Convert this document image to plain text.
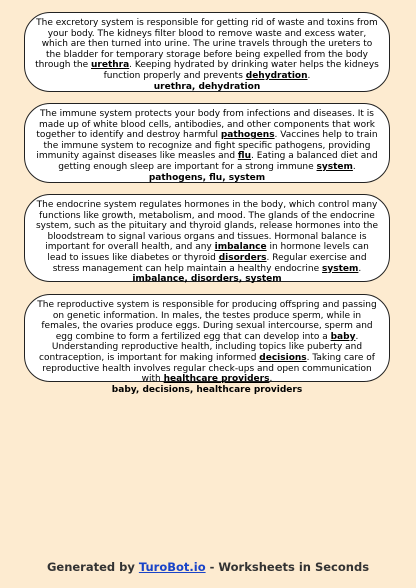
The excretory system is responsible for getting rid of waste and toxins from your body. The kidneys filter blood to remove waste and excess water, which are then turned into urine. The urine travels through the ureters to the bladder for temporary storage before being expelled from the body through the urethra. Keeping hydrated by drinking water helps the kidneys function properly and prevents dehydration.
urethra, dehydration
The immune system protects your body from infections and diseases. It is made up of white blood cells, antibodies, and other components that work together to identify and destroy harmful pathogens. Vaccines help to train the immune system to recognize and fight specific pathogens, providing immunity against diseases like measles and flu. Eating a balanced diet and getting enough sleep are important for a strong immune system.
pathogens, flu, system
The endocrine system regulates hormones in the body, which control many functions like growth, metabolism, and mood. The glands of the endocrine system, such as the pituitary and thyroid glands, release hormones into the bloodstream to signal various organs and tissues. Hormonal balance is important for overall health, and any imbalance in hormone levels can lead to issues like diabetes or thyroid disorders. Regular exercise and stress management can help maintain a healthy endocrine system.
imbalance, disorders, system
The reproductive system is responsible for producing offspring and passing on genetic information. In males, the testes produce sperm, while in females, the ovaries produce eggs. During sexual intercourse, sperm and egg combine to form a fertilized egg that can develop into a baby. Understanding reproductive health, including topics like puberty and contraception, is important for making informed decisions. Taking care of reproductive health involves regular check-ups and open communication with healthcare providers.
baby, decisions, healthcare providers
Generated by TuroBot.io - Worksheets in Seconds
